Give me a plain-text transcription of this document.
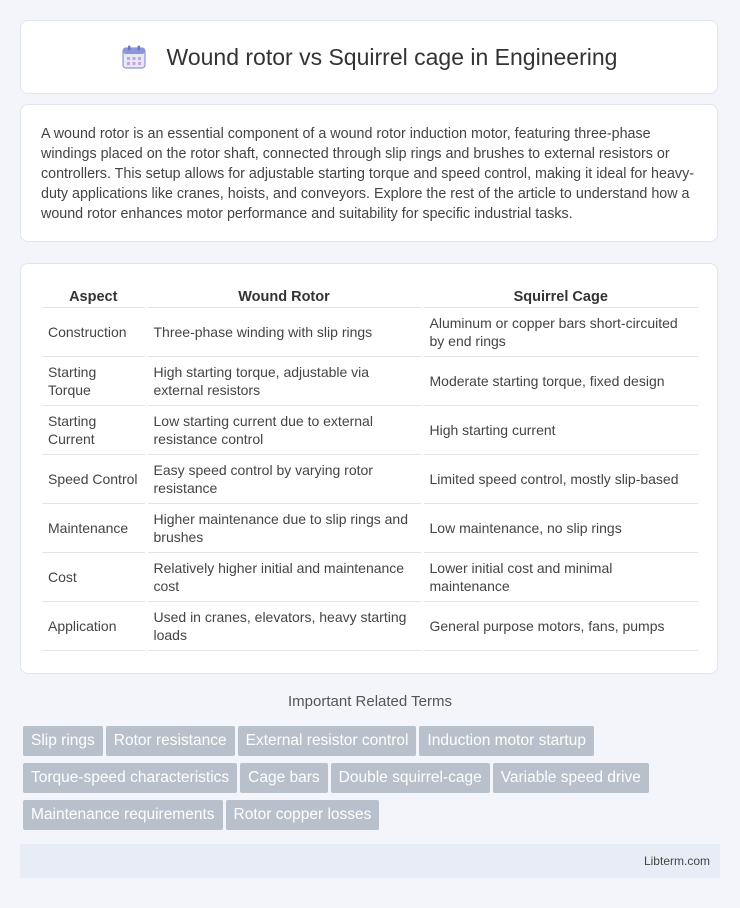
Wound rotor vs Squirrel cage in Engineering

A wound rotor is an essential component of a wound rotor induction motor, featuring three-phase windings placed on the rotor shaft, connected through slip rings and brushes to external resistors or controllers. This setup allows for adjustable starting torque and speed control, making it ideal for heavy-duty applications like cranes, hoists, and conveyors. Explore the rest of the article to understand how a wound rotor enhances motor performance and suitability for specific industrial tasks.

Aspect	Wound Rotor	Squirrel Cage
Construction	Three-phase winding with slip rings	Aluminum or copper bars short-circuited by end rings
Starting Torque	High starting torque, adjustable via external resistors	Moderate starting torque, fixed design
Starting Current	Low starting current due to external resistance control	High starting current
Speed Control	Easy speed control by varying rotor resistance	Limited speed control, mostly slip-based
Maintenance	Higher maintenance due to slip rings and brushes	Low maintenance, no slip rings
Cost	Relatively higher initial and maintenance cost	Lower initial cost and minimal maintenance
Application	Used in cranes, elevators, heavy starting loads	General purpose motors, fans, pumps
Important Related Terms
Slip rings Rotor resistance External resistor control Induction motor startup
Torque-speed characteristics Cage bars Double squirrel-cage Variable speed drive
Maintenance requirements Rotor copper losses
Libterm.com
